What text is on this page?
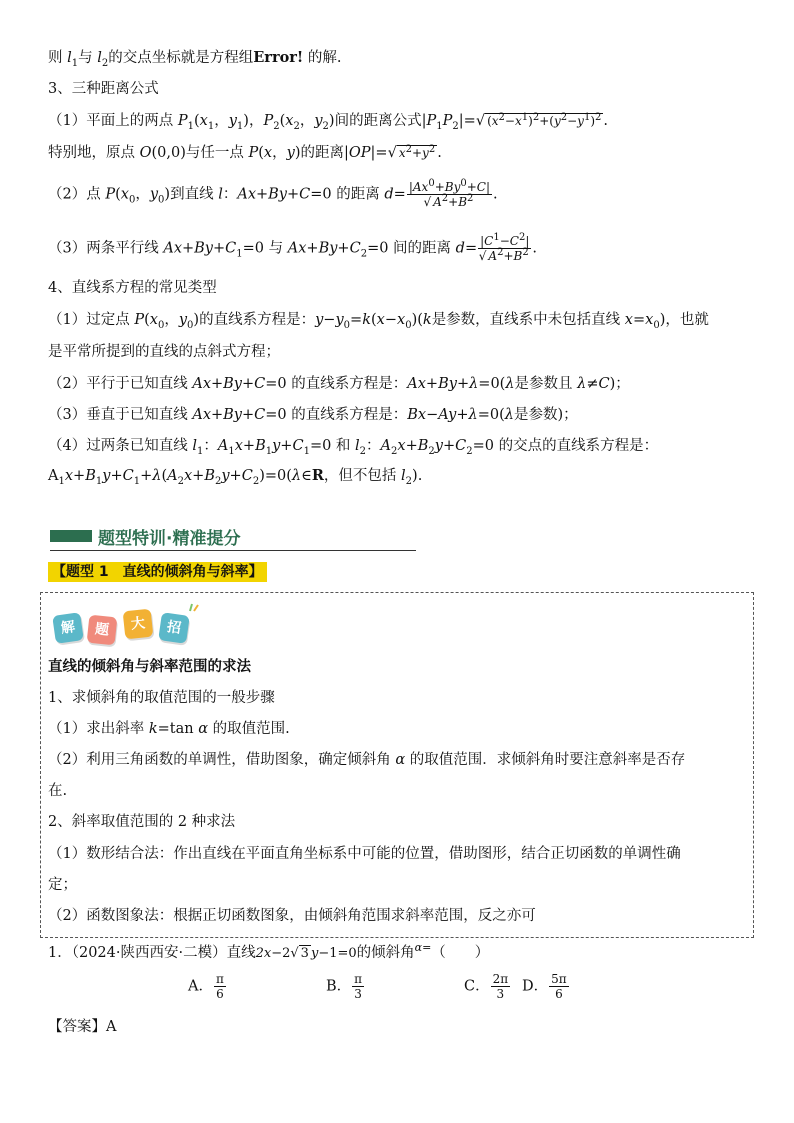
则 $l_1$与 $l_2$的交点坐标就是方程组Error! 的解.
3、三种距离公式
（1）平面上的两点 $P_1(x_1$，$y_1$)，$P_2(x_2$，$y_2$)间的距离公式$|P_1P_2|=√$ $(x^2-x^1)^2+(y^2-y^1)^2$ .
特别地，原点 O(0,0)与任一点 P(x，y)的距离|OP|=√ $x^2+y^2$ .
（2）点 $P(x_0$，$y_0$)到直线 l：Ax+By+C=0 的距离 $d= \frac{|Ax^0+By^0+C|}{√ A^2+B^2}$ .
（3）两条平行线 $Ax+By+C_1=0$ 与 $Ax+By+C_2=0$ 间的距离 $d= \frac{|C^1-C^2|}{√ A^2+B^2}$ .
4、直线系方程的常见类型
（1）过定点 $P(x_0$，$y_0$)的直线系方程是：$y-y_0=k(x-x_0)(k$是参数，直线系中未包括直线 $x=x_0$)，也就
是平常所提到的直线的点斜式方程；
（2）平行于已知直线 Ax+By+C=0 的直线系方程是：Ax+By+λ=0(λ是参数且 λ≠C)；
（3）垂直于已知直线 Ax+By+C=0 的直线系方程是：Bx−Ay+λ=0(λ是参数)；
（4）过两条已知直线 $l_1$：$A_1x+B_1y+C_1=0$ 和 $l_2$：$A_2x+B_2y+C_2=0$ 的交点的直线系方程是：
$A_1x+B_1y+C_1+\lambda(A_2x+B_2y+C_2)=0(\lambda\in R$，但不包括 $l_2$).
题型特训·精准提分
【题型 1　直线的倾斜角与斜率】
解	题	大	招
直线的倾斜角与斜率范围的求法
1、求倾斜角的取值范围的一般步骤
（1）求出斜率 k=tan α 的取值范围.
（2）利用三角函数的单调性，借助图象，确定倾斜角 α 的取值范围．求倾斜角时要注意斜率是否存
在.
2、斜率取值范围的 2 种求法
（1）数形结合法：作出直线在平面直角坐标系中可能的位置，借助图形，结合正切函数的单调性确
定；
（2）函数图象法：根据正切函数图象，由倾斜角范围求斜率范围，反之亦可
1．（2024·陕西西安·二模）直线2x−2√ 3 y−1=0的倾斜角$^{\alpha=}$（　　）
A． $\frac{\pi}{6}$	B． $\frac{\pi}{3}$	C． $\frac{2\pi}{3}$ D． $\frac{5\pi}{6}$
【答案】A
